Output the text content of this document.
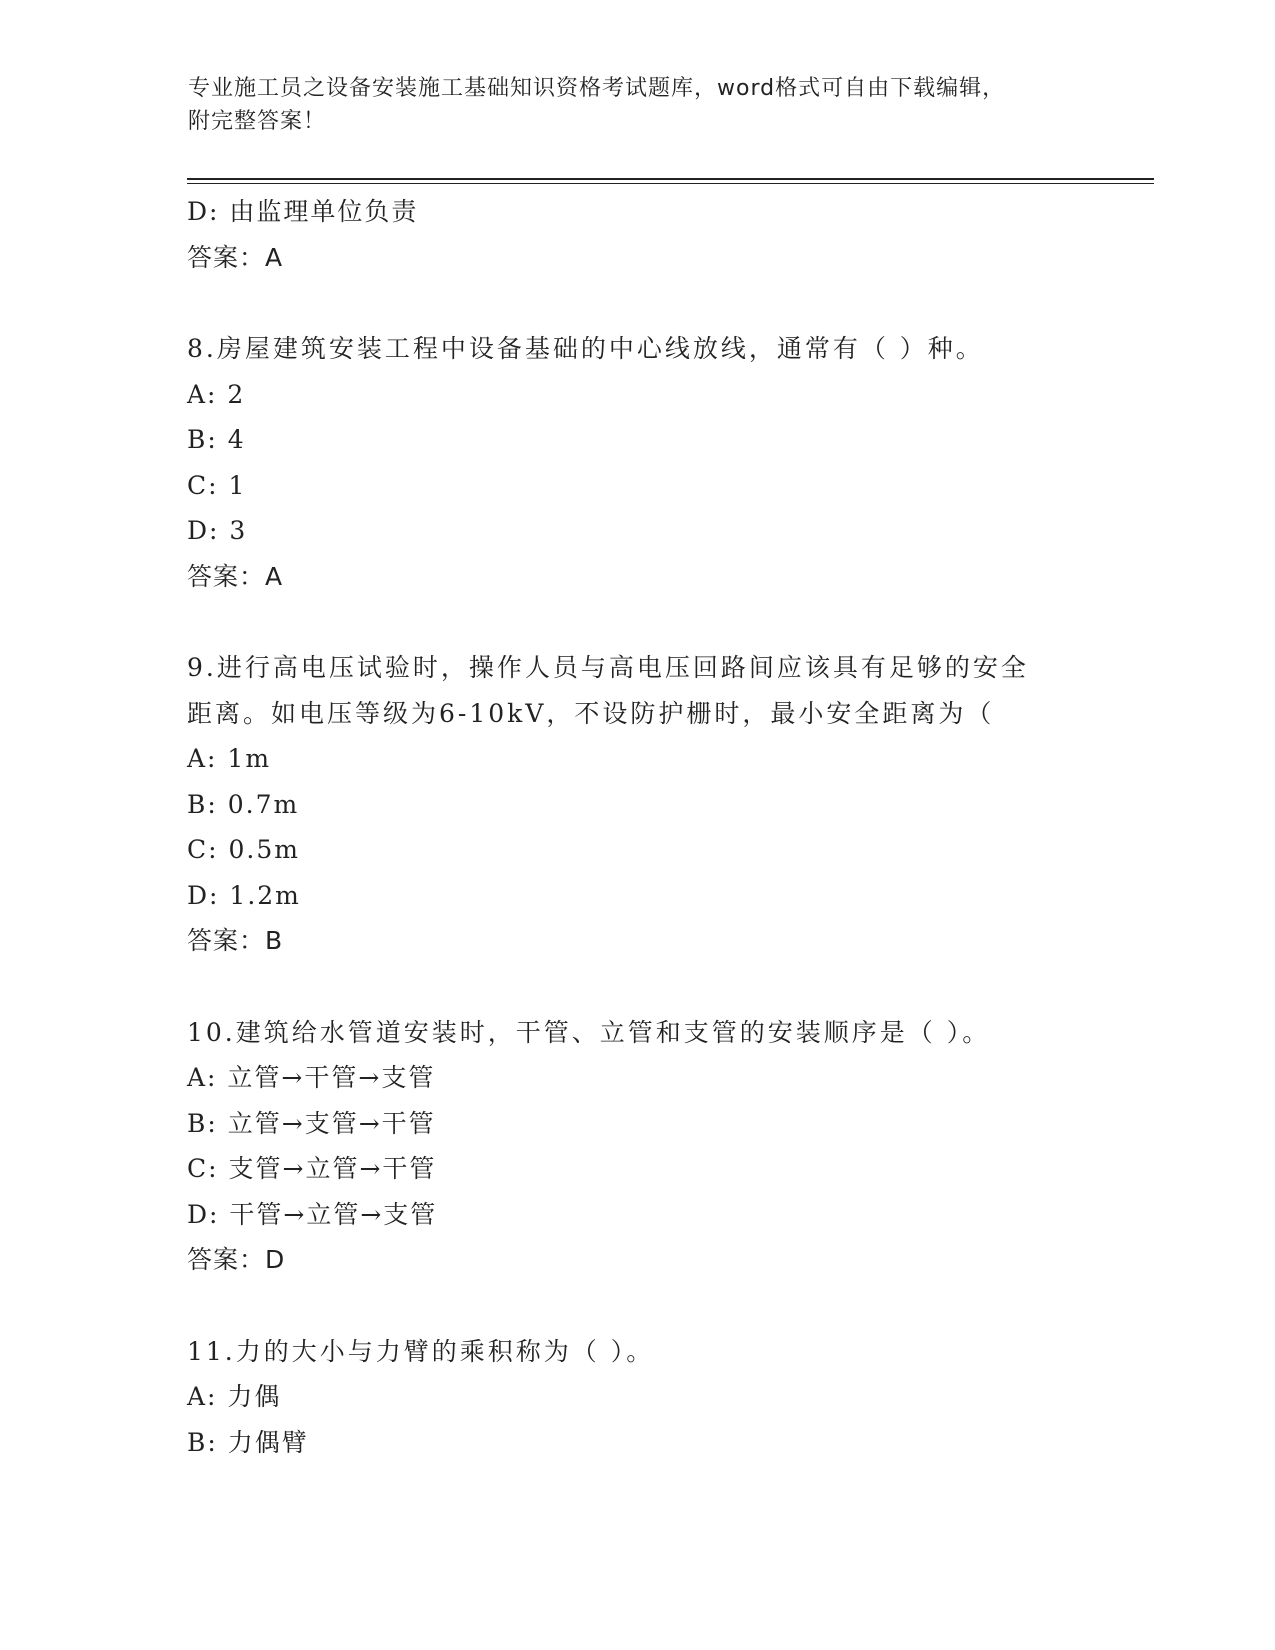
专业施工员之设备安装施工基础知识资格考试题库，word格式可自由下载编辑，
附完整答案！
D: 由监理单位负责
答案：A
8.房屋建筑安装工程中设备基础的中心线放线，通常有（ ）种。
A: 2
B: 4
C: 1
D: 3
答案：A
9.进行高电压试验时，操作人员与高电压回路间应该具有足够的安全
距离。如电压等级为6-10kV，不设防护栅时，最小安全距离为（
A: 1m
B: 0.7m
C: 0.5m
D: 1.2m
答案：B
10.建筑给水管道安装时，干管、立管和支管的安装顺序是（ ）。
A: 立管→干管→支管
B: 立管→支管→干管
C: 支管→立管→干管
D: 干管→立管→支管
答案：D
11.力的大小与力臂的乘积称为（ ）。
A: 力偶
B: 力偶臂
